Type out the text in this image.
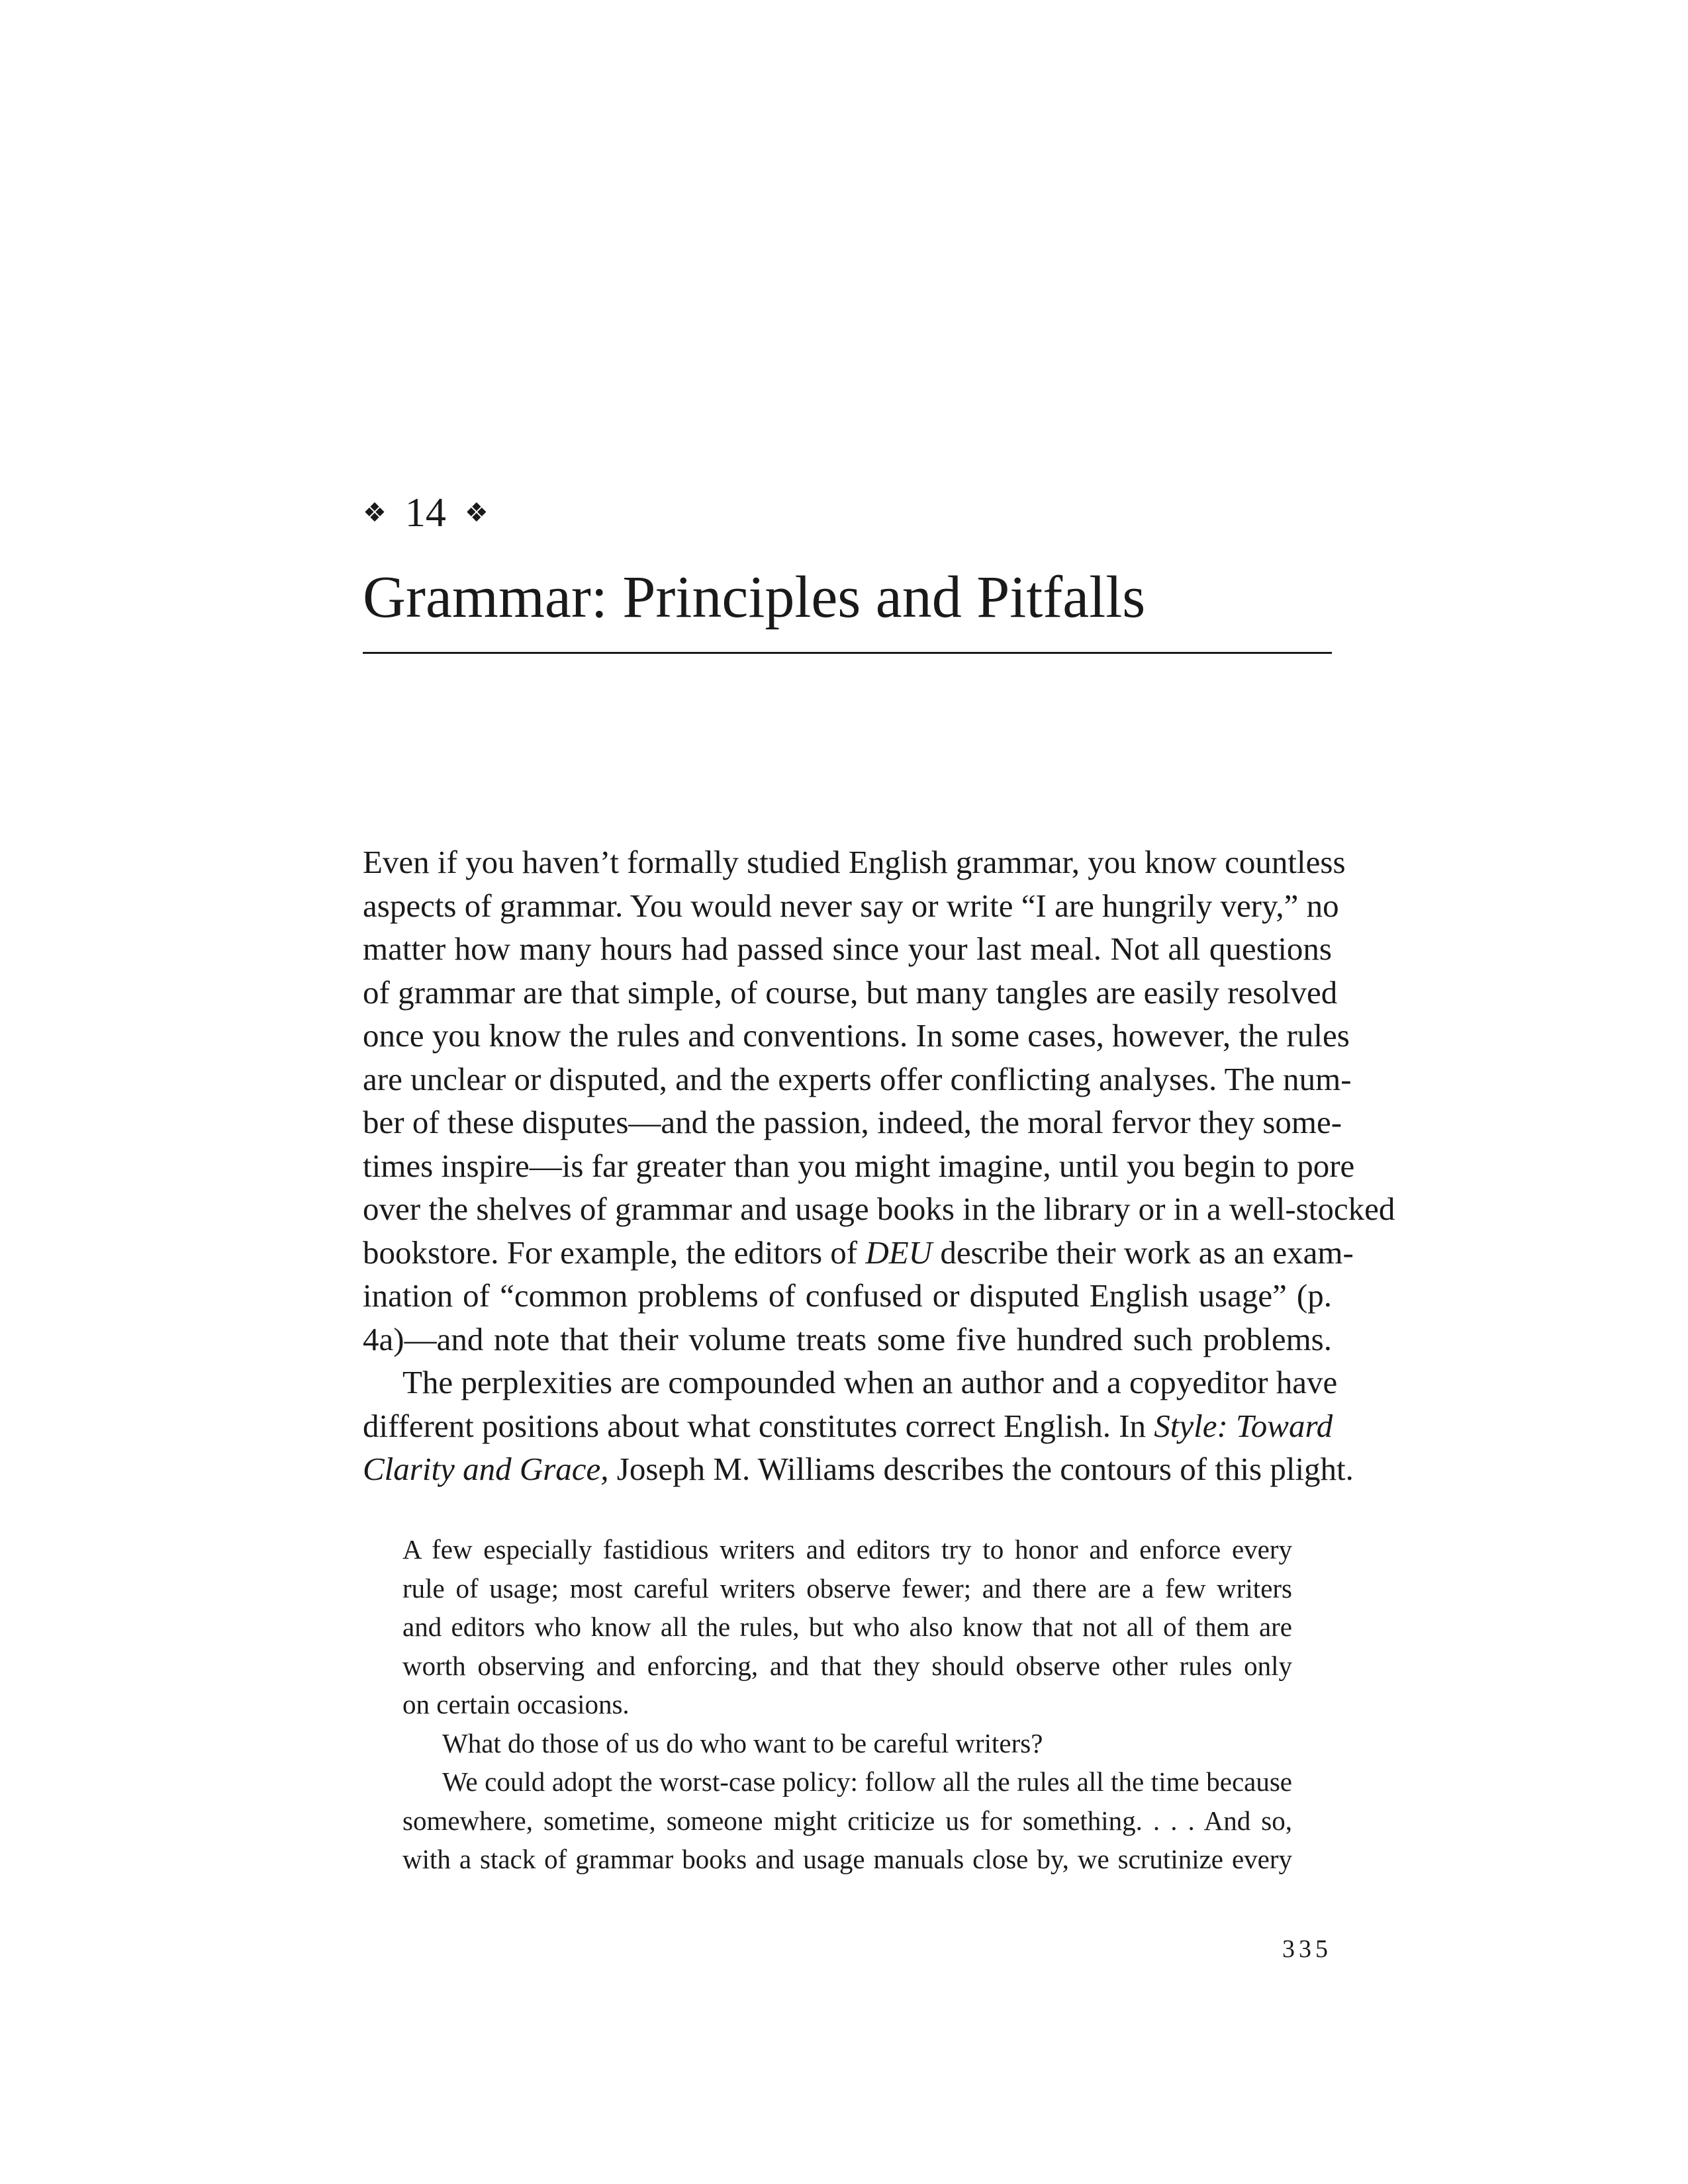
❖ 14 ❖
Grammar: Principles and Pitfalls
Even if you haven’t formally studied English grammar, you know countless
aspects of grammar. You would never say or write “I are hungrily very,” no
matter how many hours had passed since your last meal. Not all questions
of grammar are that simple, of course, but many tangles are easily resolved
once you know the rules and conventions. In some cases, however, the rules
are unclear or disputed, and the experts offer conflicting analyses. The num-
ber of these disputes—and the passion, indeed, the moral fervor they some-
times inspire—is far greater than you might imagine, until you begin to pore
over the shelves of grammar and usage books in the library or in a well-stocked
bookstore. For example, the editors of DEU describe their work as an exam-
ination of “common problems of confused or disputed English usage” (p.
4a)—and note that their volume treats some five hundred such problems.
The perplexities are compounded when an author and a copyeditor have
different positions about what constitutes correct English. In Style: Toward
Clarity and Grace, Joseph M. Williams describes the contours of this plight.
A few especially fastidious writers and editors try to honor and enforce every
rule of usage; most careful writers observe fewer; and there are a few writers
and editors who know all the rules, but who also know that not all of them are
worth observing and enforcing, and that they should observe other rules only
on certain occasions.
What do those of us do who want to be careful writers?
We could adopt the worst-case policy: follow all the rules all the time because
somewhere, sometime, someone might criticize us for something. . . . And so,
with a stack of grammar books and usage manuals close by, we scrutinize every
335
